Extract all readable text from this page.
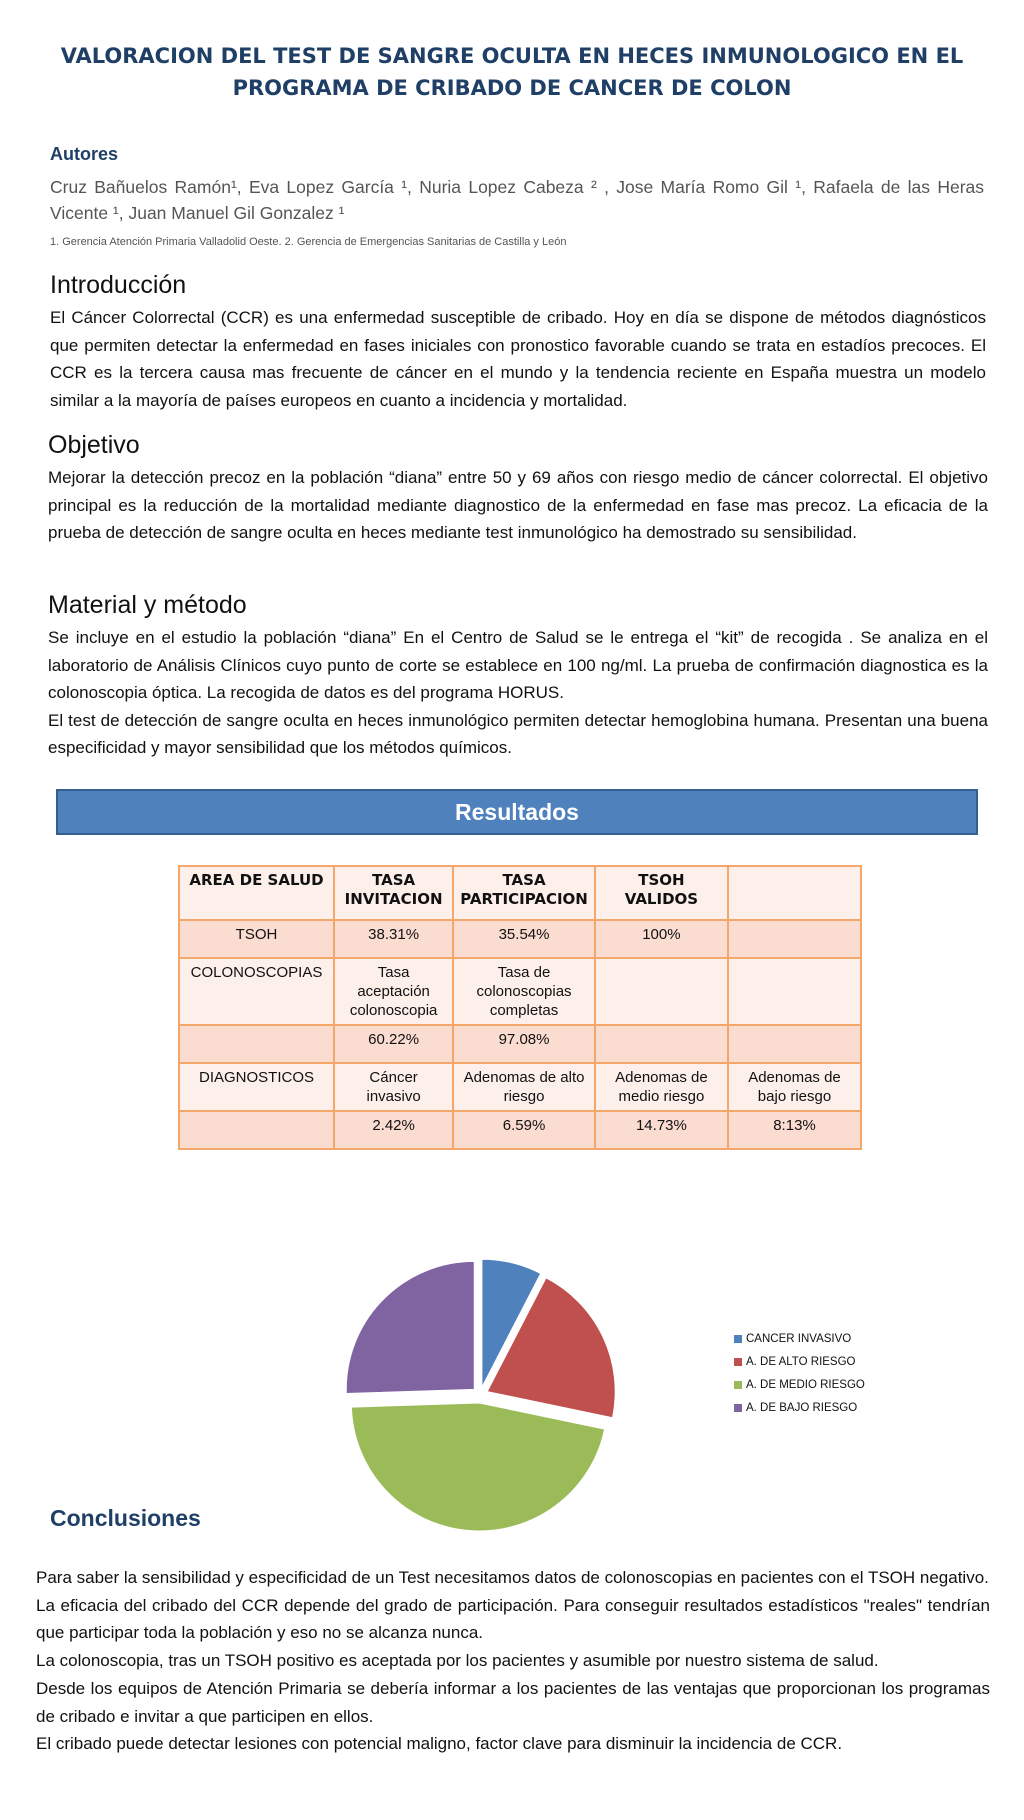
VALORACION DEL TEST DE SANGRE OCULTA EN HECES INMUNOLOGICO EN EL PROGRAMA DE CRIBADO DE CANCER DE COLON
Autores
Cruz Bañuelos Ramón¹, Eva Lopez García ¹, Nuria Lopez Cabeza ² , Jose María Romo Gil ¹, Rafaela de las Heras Vicente ¹, Juan Manuel Gil Gonzalez ¹
1. Gerencia Atención Primaria Valladolid Oeste. 2. Gerencia de Emergencias Sanitarias de Castilla y León
Introducción
El Cáncer Colorrectal (CCR) es una enfermedad susceptible de cribado. Hoy en día se dispone de métodos diagnósticos que permiten detectar la enfermedad en fases iniciales con pronostico favorable cuando se trata en estadíos precoces. El CCR es la tercera causa mas frecuente de cáncer en el mundo y la tendencia reciente en España muestra un modelo similar a la mayoría de países europeos en cuanto a incidencia y mortalidad.
Objetivo
Mejorar la detección precoz en la población “diana” entre 50 y 69 años con riesgo medio de cáncer colorrectal. El objetivo principal es la reducción de la mortalidad mediante diagnostico de la enfermedad en fase mas precoz. La eficacia de la prueba de detección de sangre oculta en heces mediante test inmunológico ha demostrado su sensibilidad.
Material y método
Se incluye en el estudio la población “diana” En el Centro de Salud se le entrega el “kit” de recogida . Se analiza en el laboratorio de Análisis Clínicos cuyo punto de corte se establece en 100 ng/ml. La prueba de confirmación diagnostica es la colonoscopia óptica. La recogida de datos es del programa HORUS.
El test de detección de sangre oculta en heces inmunológico permiten detectar hemoglobina humana. Presentan una buena especificidad y mayor sensibilidad que los métodos químicos.
Resultados
AREA DE SALUD	TASA INVITACION	TASA PARTICIPACION	TSOH VALIDOS	
TSOH	38.31%	35.54%	100%	
COLONOSCOPIAS	Tasa aceptación colonoscopia	Tasa de colonoscopias completas		
	60.22%	97.08%		
DIAGNOSTICOS	Cáncer invasivo	Adenomas de alto riesgo	Adenomas de medio riesgo	Adenomas de bajo riesgo
	2.42%	6.59%	14.73%	8:13%
CANCER INVASIVO
A. DE ALTO RIESGO
A. DE MEDIO RIESGO
A. DE BAJO RIESGO
Conclusiones

Para saber la sensibilidad y especificidad de un Test necesitamos datos de colonoscopias en pacientes con el TSOH negativo.

La eficacia del cribado del CCR depende del grado de participación. Para conseguir resultados estadísticos "reales" tendrían que participar toda la población y eso no se alcanza nunca.

La colonoscopia, tras un TSOH positivo es aceptada por los pacientes y asumible por nuestro sistema de salud.

Desde los equipos de Atención Primaria se debería informar a los pacientes de las ventajas que proporcionan los programas de cribado e invitar a que participen en ellos.

El cribado puede detectar lesiones con potencial maligno, factor clave para disminuir la incidencia de CCR.
